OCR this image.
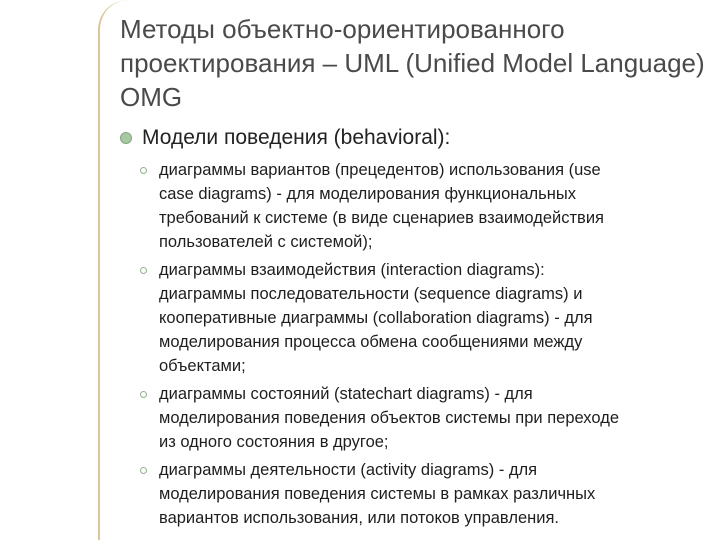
Методы объектно-ориентированного
проектирования – UML (Unified Model Language)
OMG
Модели поведения (behavioral):
диаграммы вариантов (прецедентов) использования (use
case diagrams) - для моделирования функциональных
требований к системе (в виде сценариев взаимодействия
пользователей с системой);
диаграммы взаимодействия (interaction diagrams):
диаграммы последовательности (sequence diagrams) и
кооперативные диаграммы (collaboration diagrams) - для
моделирования процесса обмена сообщениями между
объектами;
диаграммы состояний (statechart diagrams) - для
моделирования поведения объектов системы при переходе
из одного состояния в другое;
диаграммы деятельности (activity diagrams) - для
моделирования поведения системы в рамках различных
вариантов использования, или потоков управления.
